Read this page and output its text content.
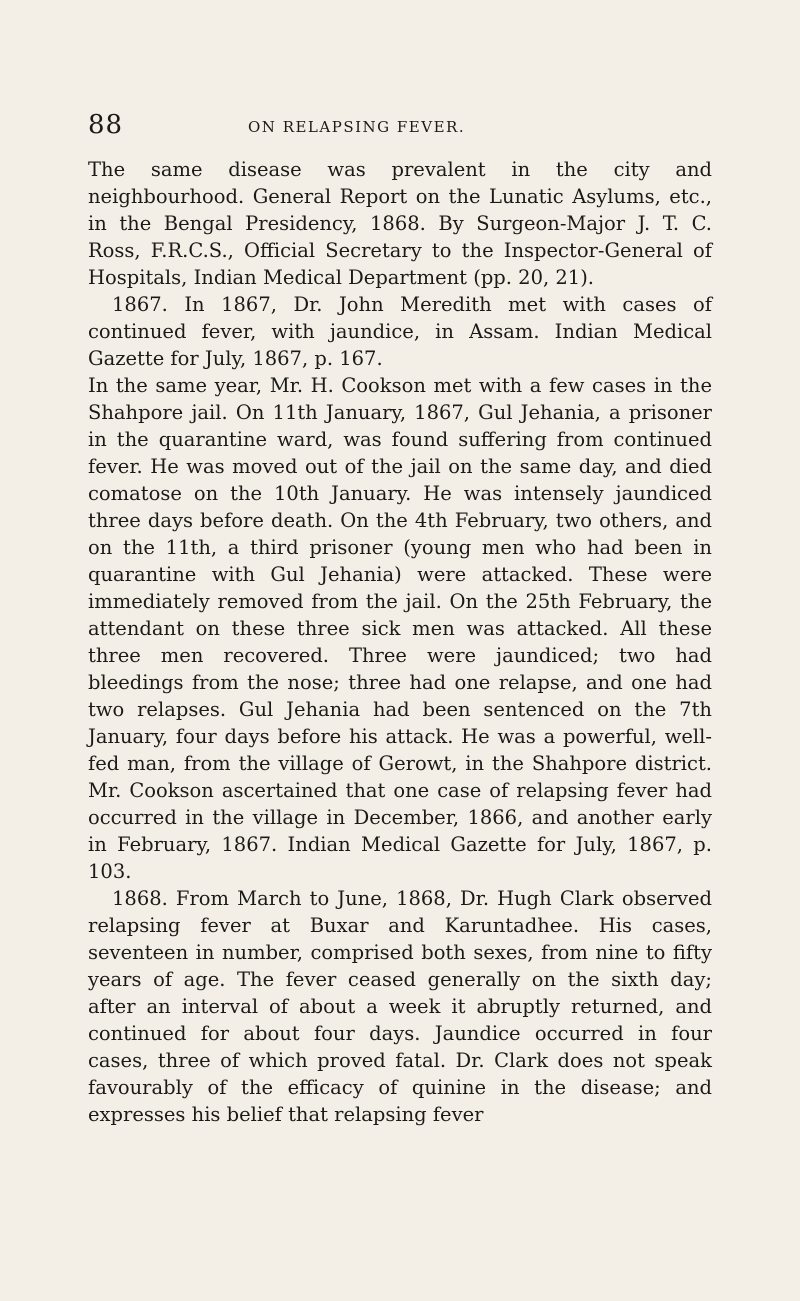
88	ON RELAPSING FEVER.

The same disease was prevalent in the city and neighbourhood. General Report on the Lunatic Asylums, etc., in the Bengal Presidency, 1868. By Surgeon-Major J. T. C. Ross, F.R.C.S., Official Secretary to the Inspector-General of Hospitals, Indian Medical Department (pp. 20, 21).

1867. In 1867, Dr. John Meredith met with cases of continued fever, with jaundice, in Assam. Indian Medical Gazette for July, 1867, p. 167.

In the same year, Mr. H. Cookson met with a few cases in the Shahpore jail. On 11th January, 1867, Gul Jehania, a prisoner in the quarantine ward, was found suffering from continued fever. He was moved out of the jail on the same day, and died comatose on the 10th January. He was intensely jaundiced three days before death. On the 4th February, two others, and on the 11th, a third prisoner (young men who had been in quarantine with Gul Jehania) were attacked. These were immediately removed from the jail. On the 25th February, the attendant on these three sick men was attacked. All these three men recovered. Three were jaundiced; two had bleedings from the nose; three had one relapse, and one had two relapses. Gul Jehania had been sentenced on the 7th January, four days before his attack. He was a powerful, well-fed man, from the village of Gerowt, in the Shahpore district. Mr. Cookson ascertained that one case of relapsing fever had occurred in the village in December, 1866, and another early in February, 1867. Indian Medical Gazette for July, 1867, p. 103.

1868. From March to June, 1868, Dr. Hugh Clark observed relapsing fever at Buxar and Karuntadhee. His cases, seventeen in number, comprised both sexes, from nine to fifty years of age. The fever ceased generally on the sixth day; after an interval of about a week it abruptly returned, and continued for about four days. Jaundice occurred in four cases, three of which proved fatal. Dr. Clark does not speak favourably of the efficacy of quinine in the disease; and expresses his belief that relapsing fever
